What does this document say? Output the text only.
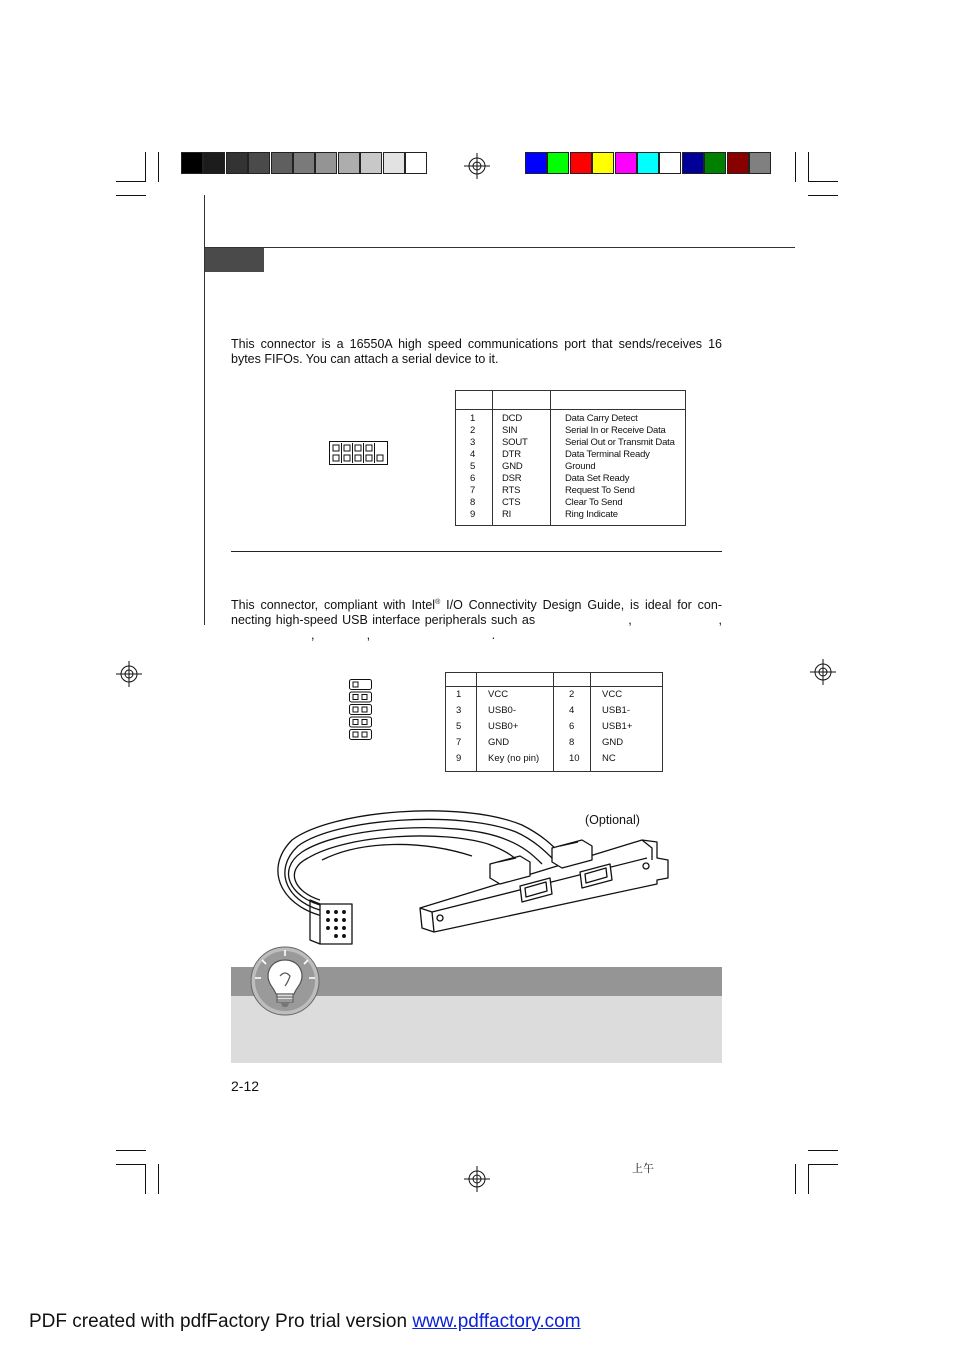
This connector is a 16550A high speed communications port that sends/receives 16
bytes FIFOs. You can attach a serial device to it.
1	DCD	Data Carry Detect
2	SIN	Serial In or Receive Data
3	SOUT	Serial Out or Transmit Data
4	DTR	Data Terminal Ready
5	GND	Ground
6	DSR	Data Set Ready
7	RTS	Request To Send
8	CTS	Clear To Send
9	RI	Ring Indicate
This connector, compliant with Intel® I/O Connectivity Design Guide, is ideal for con-
necting high-speed USB interface peripherals such as	,                         ,
,               ,                                   .
1	VCC	2	VCC
3	USB0-	4	USB1-
5	USB0+	6	USB1+
7	GND	8	GND
9	Key (no pin)	10 NC
(Optional)
2-12
上午
PDF created with pdfFactory Pro trial version www.pdffactory.com
